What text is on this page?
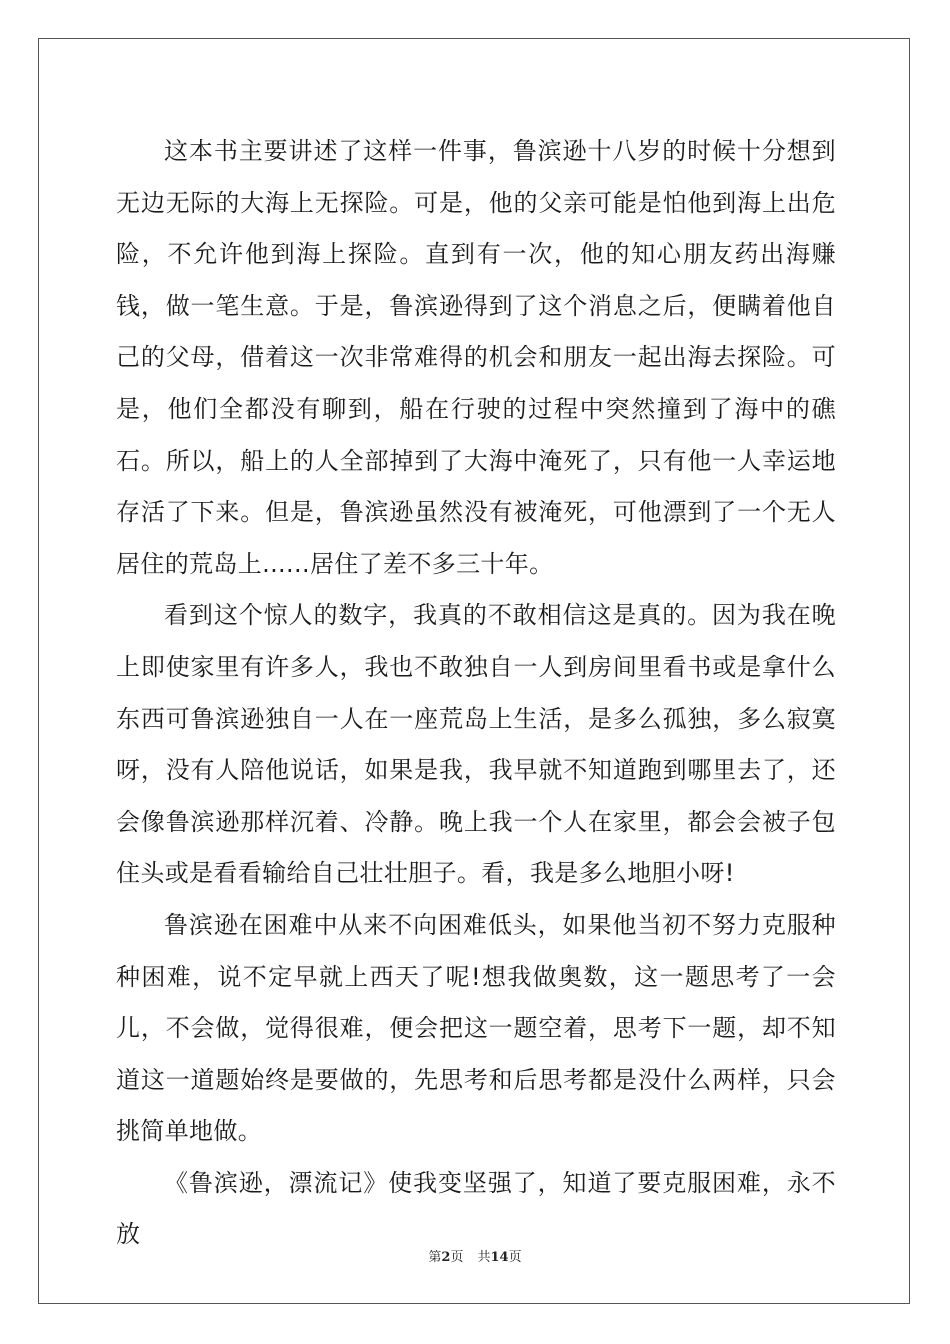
这本书主要讲述了这样一件事，鲁滨逊十八岁的时候十分想到无边无际的大海上无探险。可是，他的父亲可能是怕他到海上出危险，不允许他到海上探险。直到有一次，他的知心朋友药出海赚钱，做一笔生意。于是，鲁滨逊得到了这个消息之后，便瞒着他自己的父母，借着这一次非常难得的机会和朋友一起出海去探险。可是，他们全都没有聊到，船在行驶的过程中突然撞到了海中的礁石。所以，船上的人全部掉到了大海中淹死了，只有他一人幸运地存活了下来。但是，鲁滨逊虽然没有被淹死，可他漂到了一个无人居住的荒岛上......居住了差不多三十年。

看到这个惊人的数字，我真的不敢相信这是真的。因为我在晚上即使家里有许多人，我也不敢独自一人到房间里看书或是拿什么东西可鲁滨逊独自一人在一座荒岛上生活，是多么孤独，多么寂寞呀，没有人陪他说话，如果是我，我早就不知道跑到哪里去了，还会像鲁滨逊那样沉着、冷静。晚上我一个人在家里，都会会被子包住头或是看看输给自己壮壮胆子。看，我是多么地胆小呀!

鲁滨逊在困难中从来不向困难低头，如果他当初不努力克服种种困难，说不定早就上西天了呢!想我做奥数，这一题思考了一会儿，不会做，觉得很难，便会把这一题空着，思考下一题，却不知道这一道题始终是要做的，先思考和后思考都是没什么两样，只会挑简单地做。

《鲁滨逊，漂流记》使我变坚强了，知道了要克服困难，永不放

第2页 共14页
